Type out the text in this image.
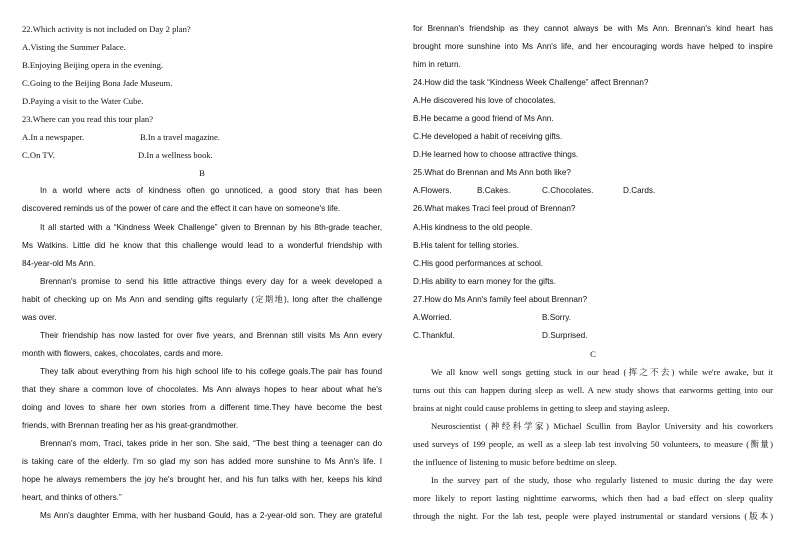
22.Which activity is not included on Day 2 plan?
A.Visting the Summer Palace.
B.Enjoying Beijing opera in the evening.
C.Going to the Beijing Bona Jade Museum.
D.Paying a visit to the Water Cube.
23.Where can you read this tour plan?
A.In a newspaper.	B.In a travel magazine.
C.On TV.	D.In a wellness book.
B
In a world where acts of kindness often go unnoticed, a good story that has been
discovered reminds us of the power of care and the effect it can have on someone's life.
It all started with a “Kindness Week Challenge” given to Brennan by his 8th-grade teacher,
Ms Watkins. Little did he know that this challenge would lead to a wonderful friendship with
84-year-old Ms Ann.
Brennan's promise to send his little attractive things every day for a week developed a
habit of checking up on Ms Ann and sending gifts regularly (定期地), long after the challenge
was over.
Their friendship has now lasted for over five years, and Brennan still visits Ms Ann every
month with flowers, cakes, chocolates, cards and more.
They talk about everything from his high school life to his college goals.The pair has found
that they share a common love of chocolates. Ms Ann always hopes to hear about what he's
doing and loves to share her own stories from a different time.They have become the best
friends, with Brennan treating her as his great-grandmother.
Brennan's mom, Traci, takes pride in her son. She said, “The best thing a teenager can do
is taking care of the elderly. I'm so glad my son has added more sunshine to Ms Ann's life. I
hope he always remembers the joy he's brought her, and his fun talks with her, keeps his kind
heart, and thinks of others.”
Ms Ann's daughter Emma, with her husband Gould, has a 2-year-old son. They are grateful
for Brennan's friendship as they cannot always be with Ms Ann. Brennan's kind heart has
brought more sunshine into Ms Ann's life, and her encouraging words have helped to inspire
him in return.
24.How did the task “Kindness Week Challenge” affect Brennan?
A.He discovered his love of chocolates.
B.He became a good friend of Ms Ann.
C.He developed a habit of receiving gifts.
D.He learned how to choose attractive things.
25.What do Brennan and Ms Ann both like?
A.Flowers.	B.Cakes.	C.Chocolates.	D.Cards.
26.What makes Traci feel proud of Brennan?
A.His kindness to the old people.
B.His talent for telling stories.
C.His good performances at school.
D.His ability to earn money for the gifts.
27.How do Ms Ann's family feel about Brennan?
A.Worried.	B.Sorry.
C.Thankful.	D.Surprised.
C
We all know well songs getting stuck in our head (挥之不去) while we're awake, but it
turns out this can happen during sleep as well. A new study shows that earworms getting into our
brains at night could cause problems in getting to sleep and staying asleep.
Neuroscientist (神经科学家) Michael Scullin from Baylor University and his coworkers
used surveys of 199 people, as well as a sleep lab test involving 50 volunteers, to measure (衡量)
the influence of listening to music before bedtime on sleep.
In the survey part of the study, those who regularly listened to music during the day were
more likely to report lasting nighttime earworms, which then had a bad effect on sleep quality
through the night. For the lab test, people were played instrumental or standard versions (版本)
